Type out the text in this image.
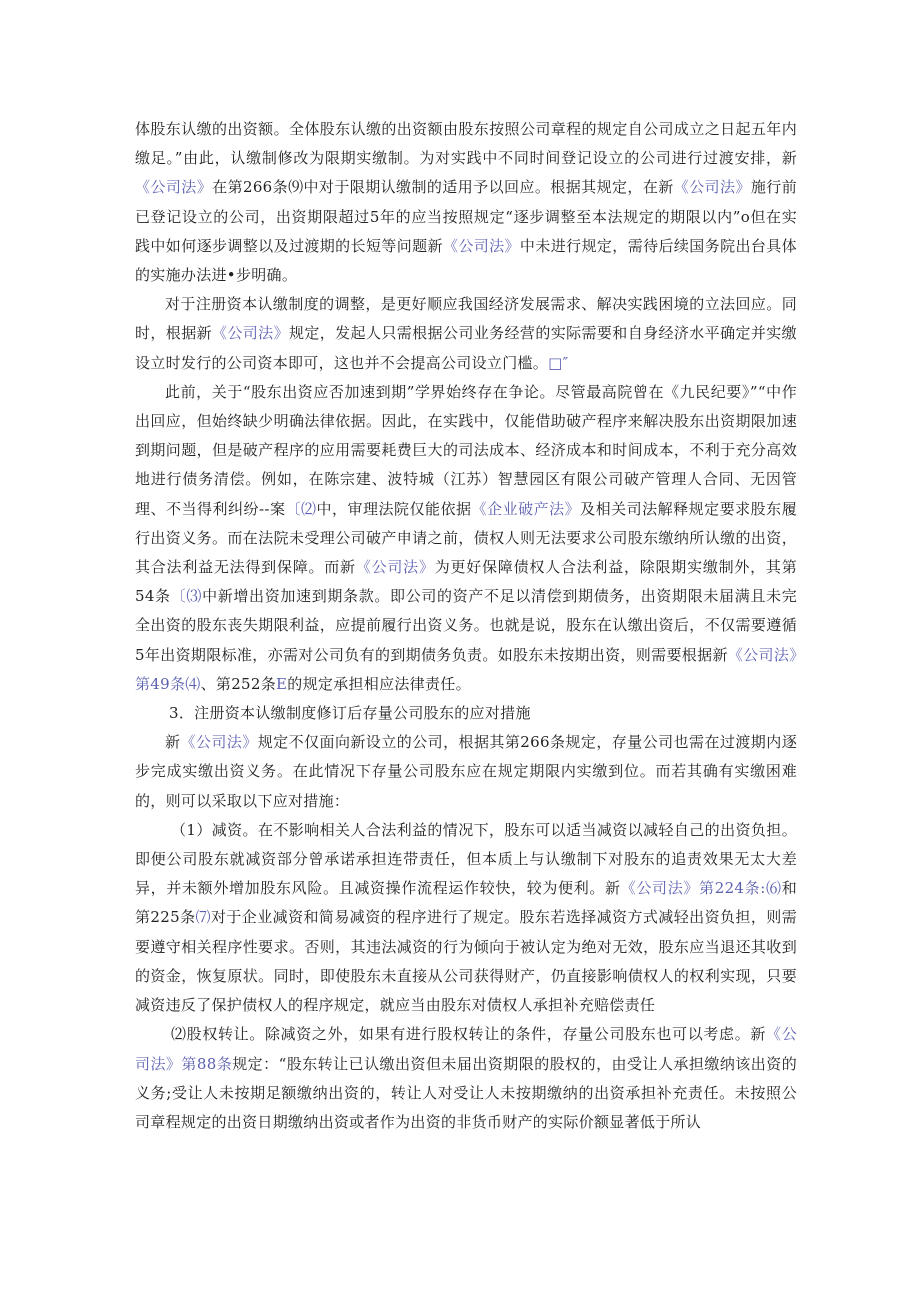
体股东认缴的出资额。全体股东认缴的出资额由股东按照公司章程的规定自公司成立之日起五年内缴足。”由此，认缴制修改为限期实缴制。为对实践中不同时间登记设立的公司进行过渡安排，新《公司法》在第266条⑼中对于限期认缴制的适用予以回应。根据其规定，在新《公司法》施行前已登记设立的公司，出资期限超过5年的应当按照规定“逐步调整至本法规定的期限以内”o但在实践中如何逐步调整以及过渡期的长短等问题新《公司法》中未进行规定，需待后续国务院出台具体的实施办法进•步明确。

对于注册资本认缴制度的调整，是更好顺应我国经济发展需求、解决实践困境的立法回应。同时，根据新《公司法》规定，发起人只需根据公司业务经营的实际需要和自身经济水平确定并实缴设立时发行的公司资本即可，这也并不会提高公司设立门槛。□″

此前，关于“股东出资应否加速到期”学界始终存在争论。尽管最高院曾在《九民纪要》”“中作出回应，但始终缺少明确法律依据。因此，在实践中，仅能借助破产程序来解决股东出资期限加速到期问题，但是破产程序的应用需要耗费巨大的司法成本、经济成本和时间成本，不利于充分高效地进行债务清偿。例如，在陈宗建、波特城（江苏）智慧园区有限公司破产管理人合同、无因管理、不当得利纠纷--案〔⑵中，审理法院仅能依据《企业破产法》及相关司法解释规定要求股东履行出资义务。而在法院未受理公司破产申请之前，债权人则无法要求公司股东缴纳所认缴的出资，其合法利益无法得到保障。而新《公司法》为更好保障债权人合法利益，除限期实缴制外，其第54条〔⑶中新增出资加速到期条款。即公司的资产不足以清偿到期债务，出资期限未届满且未完全出资的股东丧失期限利益，应提前履行出资义务。也就是说，股东在认缴出资后，不仅需要遵循5年出资期限标准，亦需对公司负有的到期债务负责。如股东未按期出资，则需要根据新《公司法》第49条⑷、第252条E的规定承担相应法律责任。

3．注册资本认缴制度修订后存量公司股东的应对措施

新《公司法》规定不仅面向新设立的公司，根据其第266条规定，存量公司也需在过渡期内逐步完成实缴出资义务。在此情况下存量公司股东应在规定期限内实缴到位。而若其确有实缴困难的，则可以采取以下应对措施：

（1）减资。在不影响相关人合法利益的情况下，股东可以适当减资以减轻自己的出资负担。即便公司股东就减资部分曾承诺承担连带责任，但本质上与认缴制下对股东的追责效果无太大差异，并未额外增加股东风险。且减资操作流程运作较快，较为便利。新《公司法》第224条:⑹和第225条⑺对于企业减资和简易减资的程序进行了规定。股东若选择减资方式减轻出资负担，则需要遵守相关程序性要求。否则，其违法减资的行为倾向于被认定为绝对无效，股东应当退还其收到的资金，恢复原状。同时，即使股东未直接从公司获得财产，仍直接影响债权人的权利实现，只要减资违反了保护债权人的程序规定，就应当由股东对债权人承担补充赔偿责任

⑵股权转让。除减资之外，如果有进行股权转让的条件，存量公司股东也可以考虑。新《公司法》第88条规定：“股东转让已认缴出资但未届出资期限的股权的，由受让人承担缴纳该出资的义务;受让人未按期足额缴纳出资的，转让人对受让人未按期缴纳的出资承担补充责任。未按照公司章程规定的出资日期缴纳出资或者作为出资的非货币财产的实际价额显著低于所认
